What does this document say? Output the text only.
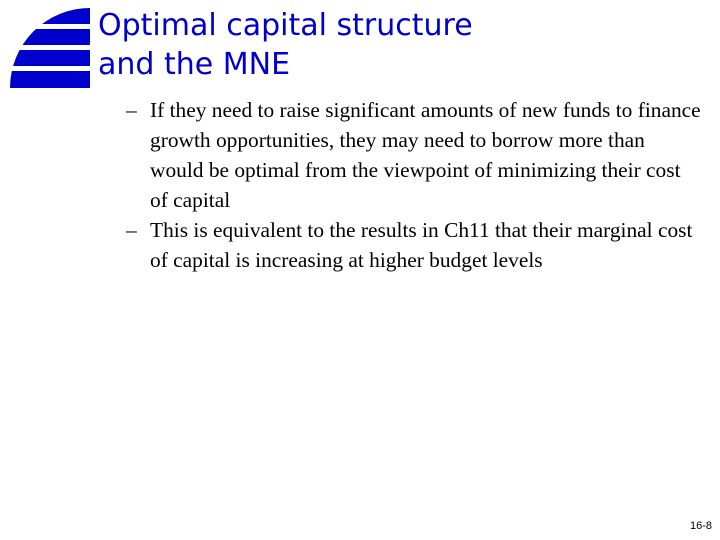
Optimal capital structure
and the MNE
– If they need to raise significant amounts of new funds to finance growth opportunities, they may need to borrow more than would be optimal from the viewpoint of minimizing their cost of capital
– This is equivalent to the results in Ch11 that their marginal cost of capital is increasing at higher budget levels
16-8
